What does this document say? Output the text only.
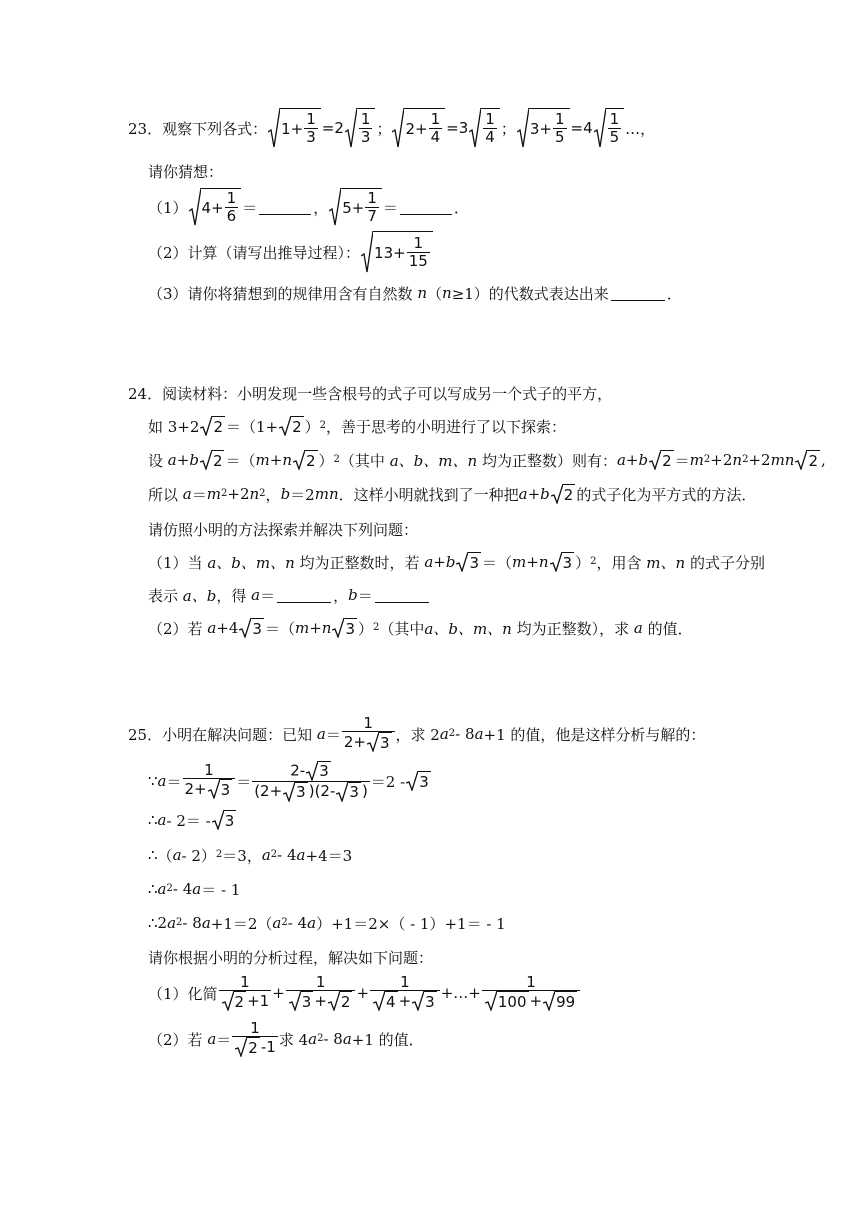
23． 观察下列各式： 1+
1
3
=2 1
3 ； 2+
1
4
=3 1
4 ； 3+
1
5
=4 1
5 …，
请你猜想：
（1） 4+
1
6 ＝	， 5+
1
7 ＝	．
（2）计算（请写出推导过程）： 13+
1
15
（3）请你将猜想到的规律用含有自然数
n （ n ≥1）的代数式表达出来	．
24． 阅读材料：小明发现一些含根号的式子可以写成另一个式子的平方，
如 3+2 2 ＝（1+ 2 ） 2 ，善于思考的小明进行了以下探索：
设
a + b 2 ＝（ m + n 2 ） 2 （其中
a、b、m、n
均为正整数）则有： a + b 2 ＝ m 2 +2 n 2 +2 mn 2 ,
所以
a ＝ m 2 +2 n 2 ， b ＝2 mn ．这样小明就找到了一种把 a + b 2 的式子化为平方式的方法．
请仿照小明的方法探索并解决下列问题：
（1）当
a、b、m、n
均为正整数时，若
a + b 3 ＝（ m + n 3 ） 2 ，用含
m、n
的式子分别
表示
a、b ，得
a ＝	， b ＝
（2）若
a +4 3 ＝（ m + n 3 ） 2 （其中 a、b、m、n
均为正整数），求
a
的值．
25． 小明在解决问题：已知
a ＝
1
2+ 3 ，求 2 a 2 - 8 a +1 的值，他是这样分析与解的：
∵ a ＝
1
2+ 3 ＝
2- 3
(2+ 3 )(2- 3 )
＝2 - 3
∴ a - 2＝ - 3
∴ （ a - 2） 2 ＝3， a 2 - 4 a +4＝3
∴ a 2 - 4 a ＝ - 1
∴ 2 a 2 - 8 a +1＝2（ a 2 - 4 a ）+1＝2×（ - 1）+1＝ - 1
请你根据小明的分析过程，解决如下问题：
（1）化简
1
2 +1 +
1
3 + 2
+
1
4 + 3
+…+
1
100 + 99
（2）若
a ＝
1
2 -1 求 4 a 2 - 8 a +1 的值．
